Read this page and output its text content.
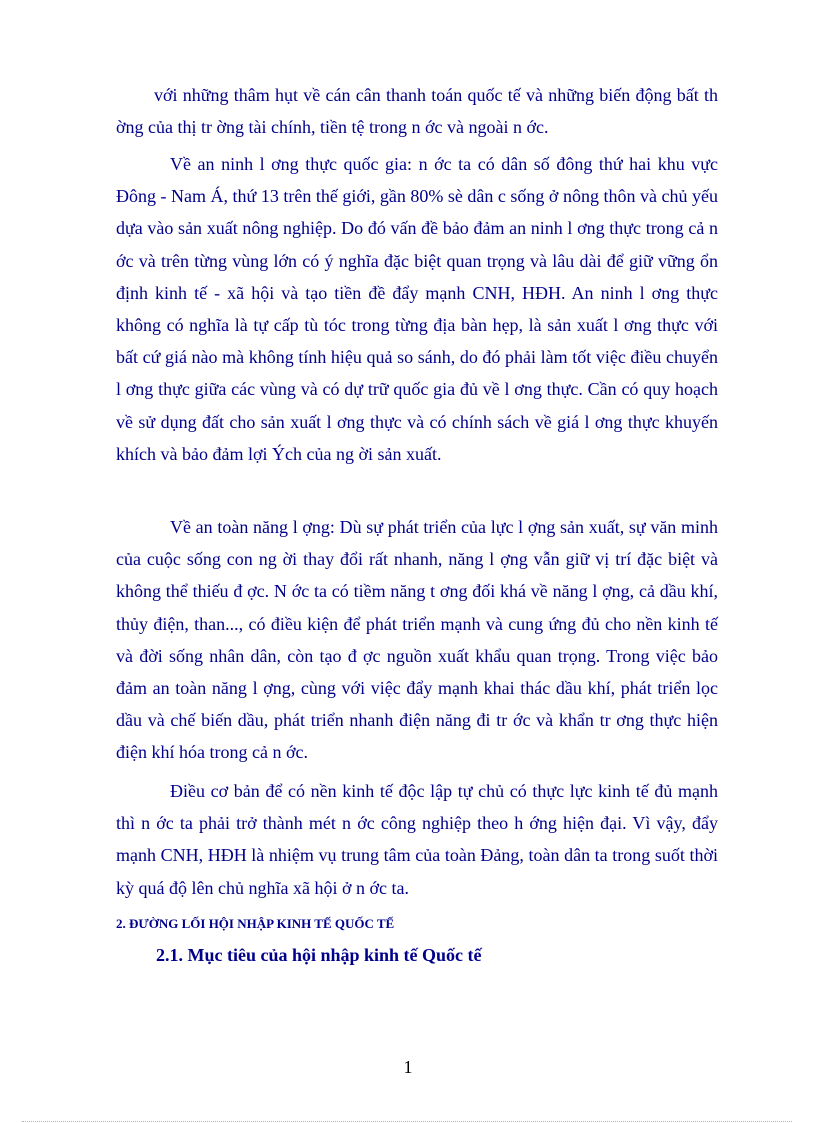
với những thâm hụt về cán cân thanh toán quốc tế và những biến động bất th ờng của thị tr ờng tài chính, tiền tệ trong n ớc và ngoài n ớc.

Về an ninh l ơng thực quốc gia: n ớc ta có dân số đông thứ hai khu vực Đông - Nam Á, thứ 13 trên thế giới, gần 80% sè dân c sống ở nông thôn và chủ yếu dựa vào sản xuất nông nghiệp. Do đó vấn đề bảo đảm an ninh l ơng thực trong cả n ớc và trên từng vùng lớn có ý nghĩa đặc biệt quan trọng và lâu dài để giữ vững ổn định kinh tế - xã hội và tạo tiền đề đẩy mạnh CNH, HĐH. An ninh l ơng thực không có nghĩa là tự cấp tù tóc trong từng địa bàn hẹp, là sản xuất l ơng thực với bất cứ giá nào mà không tính hiệu quả so sánh, do đó phải làm tốt việc điều chuyển l ơng thực giữa các vùng và có dự trữ quốc gia đủ về l ơng thực. Cần có quy hoạch về sử dụng đất cho sản xuất l ơng thực và có chính sách về giá l ơng thực khuyến khích và bảo đảm lợi Ých của ng ời sản xuất.

Về an toàn năng l ợng: Dù sự phát triển của lực l ợng sản xuất, sự văn minh của cuộc sống con ng ời thay đổi rất nhanh, năng l ợng vẫn giữ vị trí đặc biệt và không thể thiếu đ ợc. N ớc ta có tiềm năng t ơng đối khá về năng l ợng, cả dầu khí, thủy điện, than..., có điều kiện để phát triển mạnh và cung ứng đủ cho nền kinh tế và đời sống nhân dân, còn tạo đ ợc nguồn xuất khẩu quan trọng. Trong việc bảo đảm an toàn năng l ợng, cùng với việc đẩy mạnh khai thác dầu khí, phát triển lọc dầu và chế biến dầu, phát triển nhanh điện năng đi tr ớc và khẩn tr ơng thực hiện điện khí hóa trong cả n ớc.

Điều cơ bản để có nền kinh tế độc lập tự chủ có thực lực kinh tế đủ mạnh thì n ớc ta phải trở thành mét n ớc công nghiệp theo h ớng hiện đại. Vì vậy, đẩy mạnh CNH, HĐH là nhiệm vụ trung tâm của toàn Đảng, toàn dân ta trong suốt thời kỳ quá độ lên chủ nghĩa xã hội ở n ớc ta.

2. ĐƯỜNG LỐI HỘI NHẬP KINH TẾ QUỐC TẾ
2.1. Mục tiêu của hội nhập kinh tế Quốc tế
1
